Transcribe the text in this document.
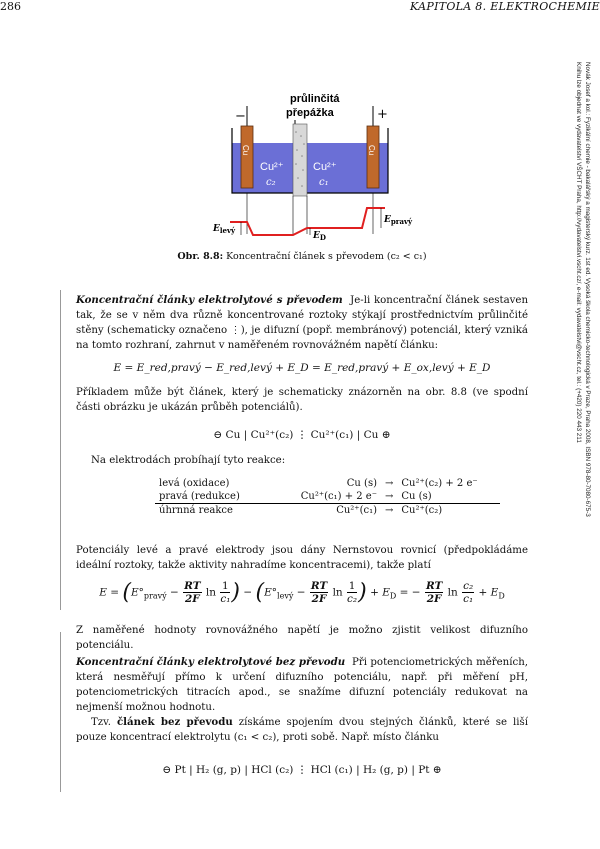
286	KAPITOLA 8. ELEKTROCHEMIE
Novák Josef a kol.: Fyzikální chemie - bakalářský a magisterský kurz. 1st ed. Vysoká škola chemicko-technologická v Praze, Praha 2008, ISBN 978-80-7080-675-3
Knihu lze objednat ve vydavatelství VŠCHT Praha, http://vydavatelstvi.vscht.cz/, e-mail: vydavatelstvi@vscht.cz, tel.: (+420) 220 443 211
průlinčitá
přepážka
−	+
Cu	Cu
Cu²⁺
c₂
Cu²⁺
c₁
$E_{levý}$
$E_{pravý}$
$E_D$
Obr. 8.8: Koncentrační článek s převodem (c₂ < c₁)
Koncentrační články elektrolytové s převodem Je-li koncentrační článek sestaven tak, že se v něm dva různě koncentrované roztoky stýkají prostřednictvím průlinčité stěny (schematicky označeno ⋮), je difuzní (popř. membránový) potenciál, který vzniká na tomto rozhraní, zahrnut v naměřeném rovnovážném napětí článku:
E = E_red,pravý − E_red,levý + E_D = E_red,pravý + E_ox,levý + E_D
Příkladem může být článek, který je schematicky znázorněn na obr. 8.8 (ve spodní části obrázku je ukázán průběh potenciálů).
⊖ Cu | Cu²⁺(c₂) ⋮ Cu²⁺(c₁) | Cu ⊕
Na elektrodách probíhají tyto reakce:
levá (oxidace)	Cu (s)	→	Cu²⁺(c₂) + 2 e⁻
pravá (redukce)	Cu²⁺(c₁) + 2 e⁻	→	Cu (s)
úhrnná reakce	Cu²⁺(c₁)	→	Cu²⁺(c₂)
Potenciály levé a pravé elektrody jsou dány Nernstovou rovnicí (předpokládáme ideální roztoky, takže aktivity nahradíme koncentracemi), takže platí
$E = (E^\circ_{pravý} - \frac{RT}{2F}$ $\ln \frac{1}{\text{c₁}}$ ) − ($E^\circ_{levý} - \frac{RT}{2F}$ $\ln \frac{1}{\text{c₂}}$ ) + $E_D$ = − $\frac{RT}{2F}$ $\ln \frac{\text{c₂}}{\text{c₁}} + E_D$
Z naměřené hodnoty rovnovážného napětí je možno zjistit velikost difuzního potenciálu.
Koncentrační články elektrolytové bez převodu Při potenciometrických měřeních, která nesměřují přímo k určení difuzního potenciálu, např. při měření pH, potenciometrických titracích apod., se snažíme difuzní potenciály redukovat na nejmenší možnou hodnotu.
Tzv. článek bez převodu získáme spojením dvou stejných článků, které se liší pouze koncentrací elektrolytu (c₁ < c₂), proti sobě. Např. místo článku
⊖ Pt | H₂ (g, p) | HCl (c₂) ⋮ HCl (c₁) | H₂ (g, p) | Pt ⊕
